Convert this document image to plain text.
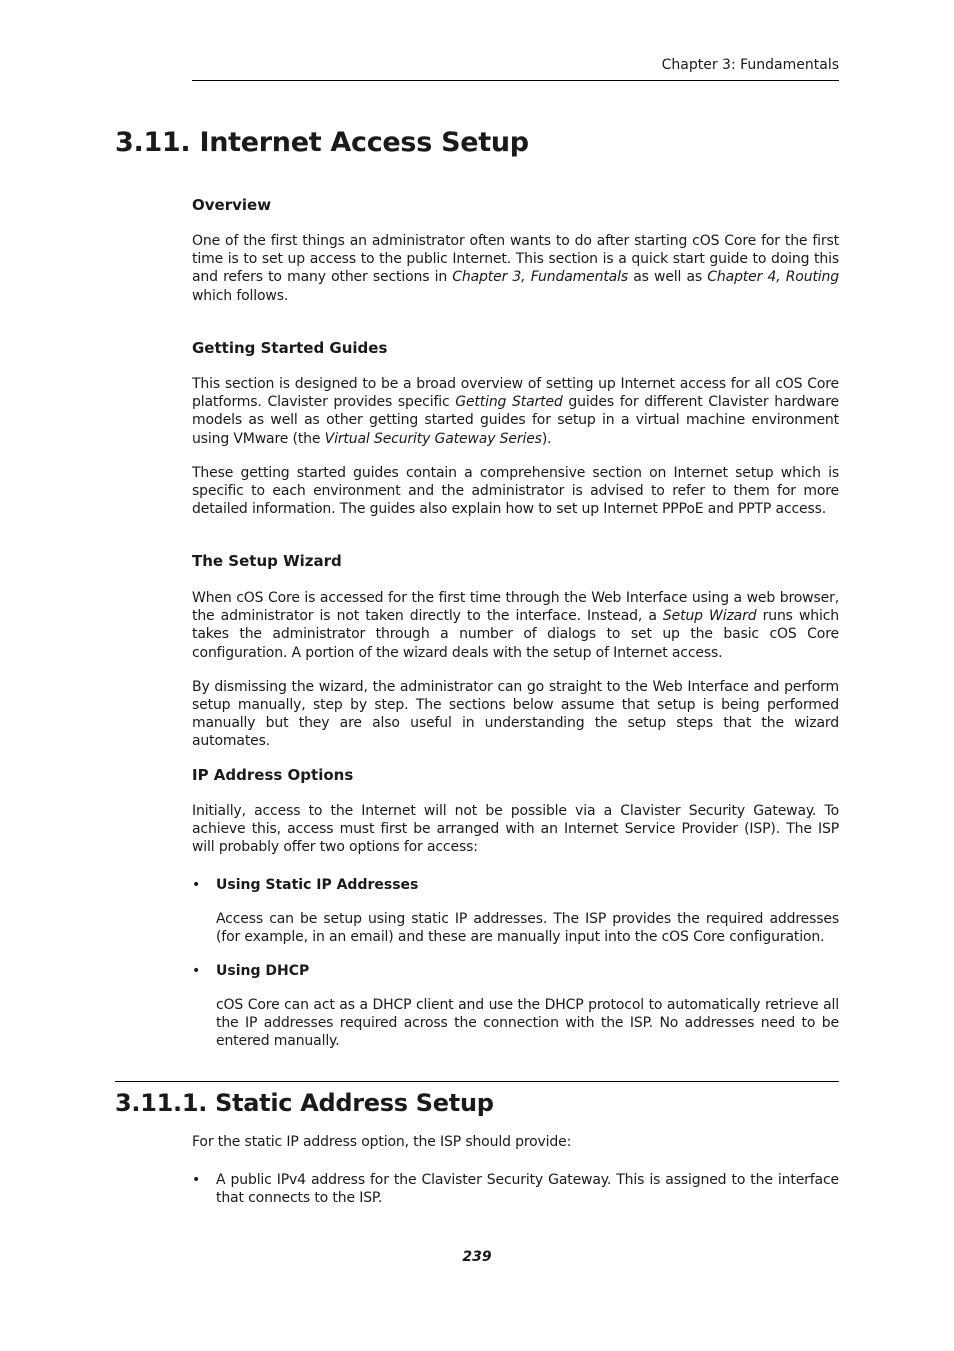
Chapter 3: Fundamentals
3.11. Internet Access Setup
Overview

One of the first things an administrator often wants to do after starting cOS Core for the first time is to set up access to the public Internet. This section is a quick start guide to doing this and refers to many other sections in Chapter 3, Fundamentals as well as Chapter 4, Routing which follows.

Getting Started Guides

This section is designed to be a broad overview of setting up Internet access for all cOS Core platforms. Clavister provides specific Getting Started guides for different Clavister hardware models as well as other getting started guides for setup in a virtual machine environment using VMware (the Virtual Security Gateway Series).

These getting started guides contain a comprehensive section on Internet setup which is specific to each environment and the administrator is advised to refer to them for more detailed information. The guides also explain how to set up Internet PPPoE and PPTP access.

The Setup Wizard

When cOS Core is accessed for the first time through the Web Interface using a web browser, the administrator is not taken directly to the interface. Instead, a Setup Wizard runs which takes the administrator through a number of dialogs to set up the basic cOS Core configuration. A portion of the wizard deals with the setup of Internet access.

By dismissing the wizard, the administrator can go straight to the Web Interface and perform setup manually, step by step. The sections below assume that setup is being performed manually but they are also useful in understanding the setup steps that the wizard automates.

IP Address Options

Initially, access to the Internet will not be possible via a Clavister Security Gateway. To achieve this, access must first be arranged with an Internet Service Provider (ISP). The ISP will probably offer two options for access:

• Using Static IP Addresses

Access can be setup using static IP addresses. The ISP provides the required addresses (for example, in an email) and these are manually input into the cOS Core configuration.

• Using DHCP

cOS Core can act as a DHCP client and use the DHCP protocol to automatically retrieve all the IP addresses required across the connection with the ISP. No addresses need to be entered manually.

3.11.1. Static Address Setup

For the static IP address option, the ISP should provide:

• A public IPv4 address for the Clavister Security Gateway. This is assigned to the interface that connects to the ISP.

239
